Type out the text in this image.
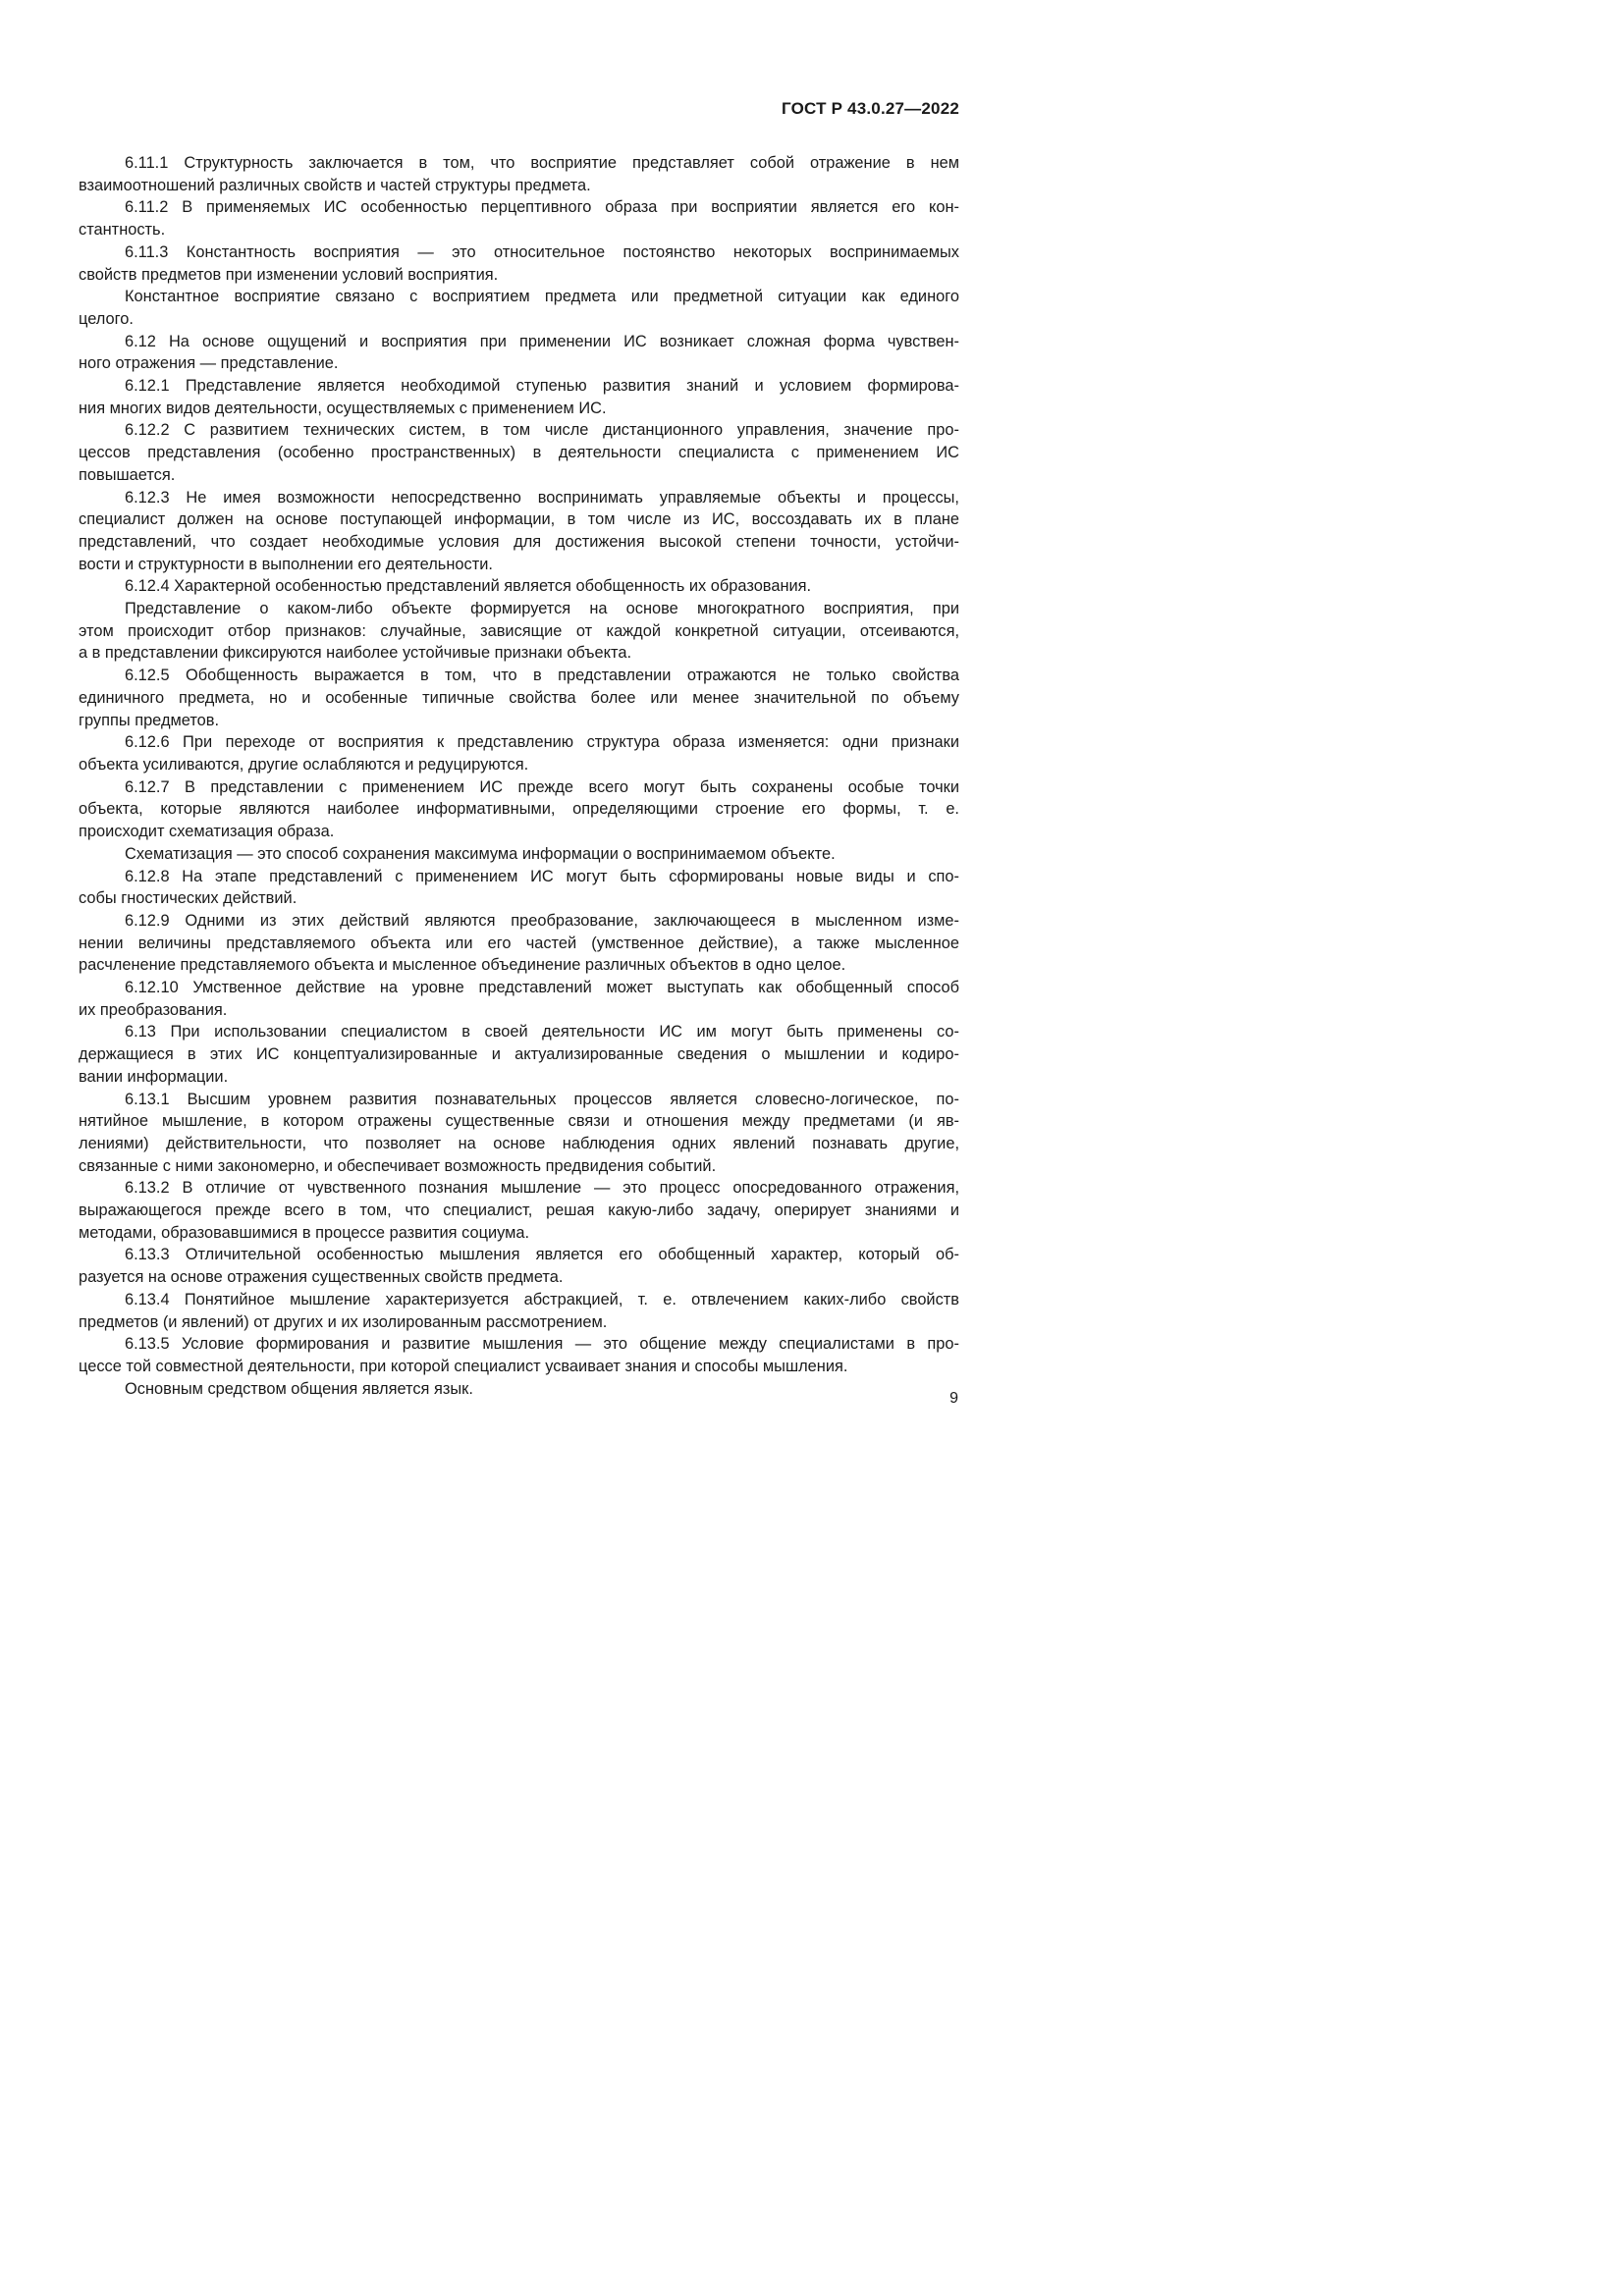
ГОСТ Р 43.0.27—2022

6.11.1 Структурность заключается в том, что восприятие представляет собой отражение в нем
взаимоотношений различных свойств и частей структуры предмета.

6.11.2 В применяемых ИС особенностью перцептивного образа при восприятии является его кон-
стантность.

6.11.3 Константность восприятия — это относительное постоянство некоторых воспринимаемых
свойств предметов при изменении условий восприятия.

Константное восприятие связано с восприятием предмета или предметной ситуации как единого
целого.

6.12 На основе ощущений и восприятия при применении ИС возникает сложная форма чувствен-
ного отражения — представление.

6.12.1 Представление является необходимой ступенью развития знаний и условием формирова-
ния многих видов деятельности, осуществляемых с применением ИС.

6.12.2 С развитием технических систем, в том числе дистанционного управления, значение про-
цессов представления (особенно пространственных) в деятельности специалиста с применением ИС
повышается.

6.12.3 Не имея возможности непосредственно воспринимать управляемые объекты и процессы,
специалист должен на основе поступающей информации, в том числе из ИС, воссоздавать их в плане
представлений, что создает необходимые условия для достижения высокой степени точности, устойчи-
вости и структурности в выполнении его деятельности.

6.12.4 Характерной особенностью представлений является обобщенность их образования.

Представление о каком-либо объекте формируется на основе многократного восприятия, при
этом происходит отбор признаков: случайные, зависящие от каждой конкретной ситуации, отсеиваются,
а в представлении фиксируются наиболее устойчивые признаки объекта.

6.12.5 Обобщенность выражается в том, что в представлении отражаются не только свойства
единичного предмета, но и особенные типичные свойства более или менее значительной по объему
группы предметов.

6.12.6 При переходе от восприятия к представлению структура образа изменяется: одни признаки
объекта усиливаются, другие ослабляются и редуцируются.

6.12.7 В представлении с применением ИС прежде всего могут быть сохранены особые точки
объекта, которые являются наиболее информативными, определяющими строение его формы, т. е.
происходит схематизация образа.

Схематизация — это способ сохранения максимума информации о воспринимаемом объекте.

6.12.8 На этапе представлений с применением ИС могут быть сформированы новые виды и спо-
собы гностических действий.

6.12.9 Одними из этих действий являются преобразование, заключающееся в мысленном изме-
нении величины представляемого объекта или его частей (умственное действие), а также мысленное
расчленение представляемого объекта и мысленное объединение различных объектов в одно целое.

6.12.10 Умственное действие на уровне представлений может выступать как обобщенный способ
их преобразования.

6.13 При использовании специалистом в своей деятельности ИС им могут быть применены со-
держащиеся в этих ИС концептуализированные и актуализированные сведения о мышлении и кодиро-
вании информации.

6.13.1 Высшим уровнем развития познавательных процессов является словесно-логическое, по-
нятийное мышление, в котором отражены существенные связи и отношения между предметами (и яв-
лениями) действительности, что позволяет на основе наблюдения одних явлений познавать другие,
связанные с ними закономерно, и обеспечивает возможность предвидения событий.

6.13.2 В отличие от чувственного познания мышление — это процесс опосредованного отражения,
выражающегося прежде всего в том, что специалист, решая какую-либо задачу, оперирует знаниями и
методами, образовавшимися в процессе развития социума.

6.13.3 Отличительной особенностью мышления является его обобщенный характер, который об-
разуется на основе отражения существенных свойств предмета.

6.13.4 Понятийное мышление характеризуется абстракцией, т. е. отвлечением каких-либо свойств
предметов (и явлений) от других и их изолированным рассмотрением.

6.13.5 Условие формирования и развитие мышления — это общение между специалистами в про-
цессе той совместной деятельности, при которой специалист усваивает знания и способы мышления.

Основным средством общения является язык.

9
